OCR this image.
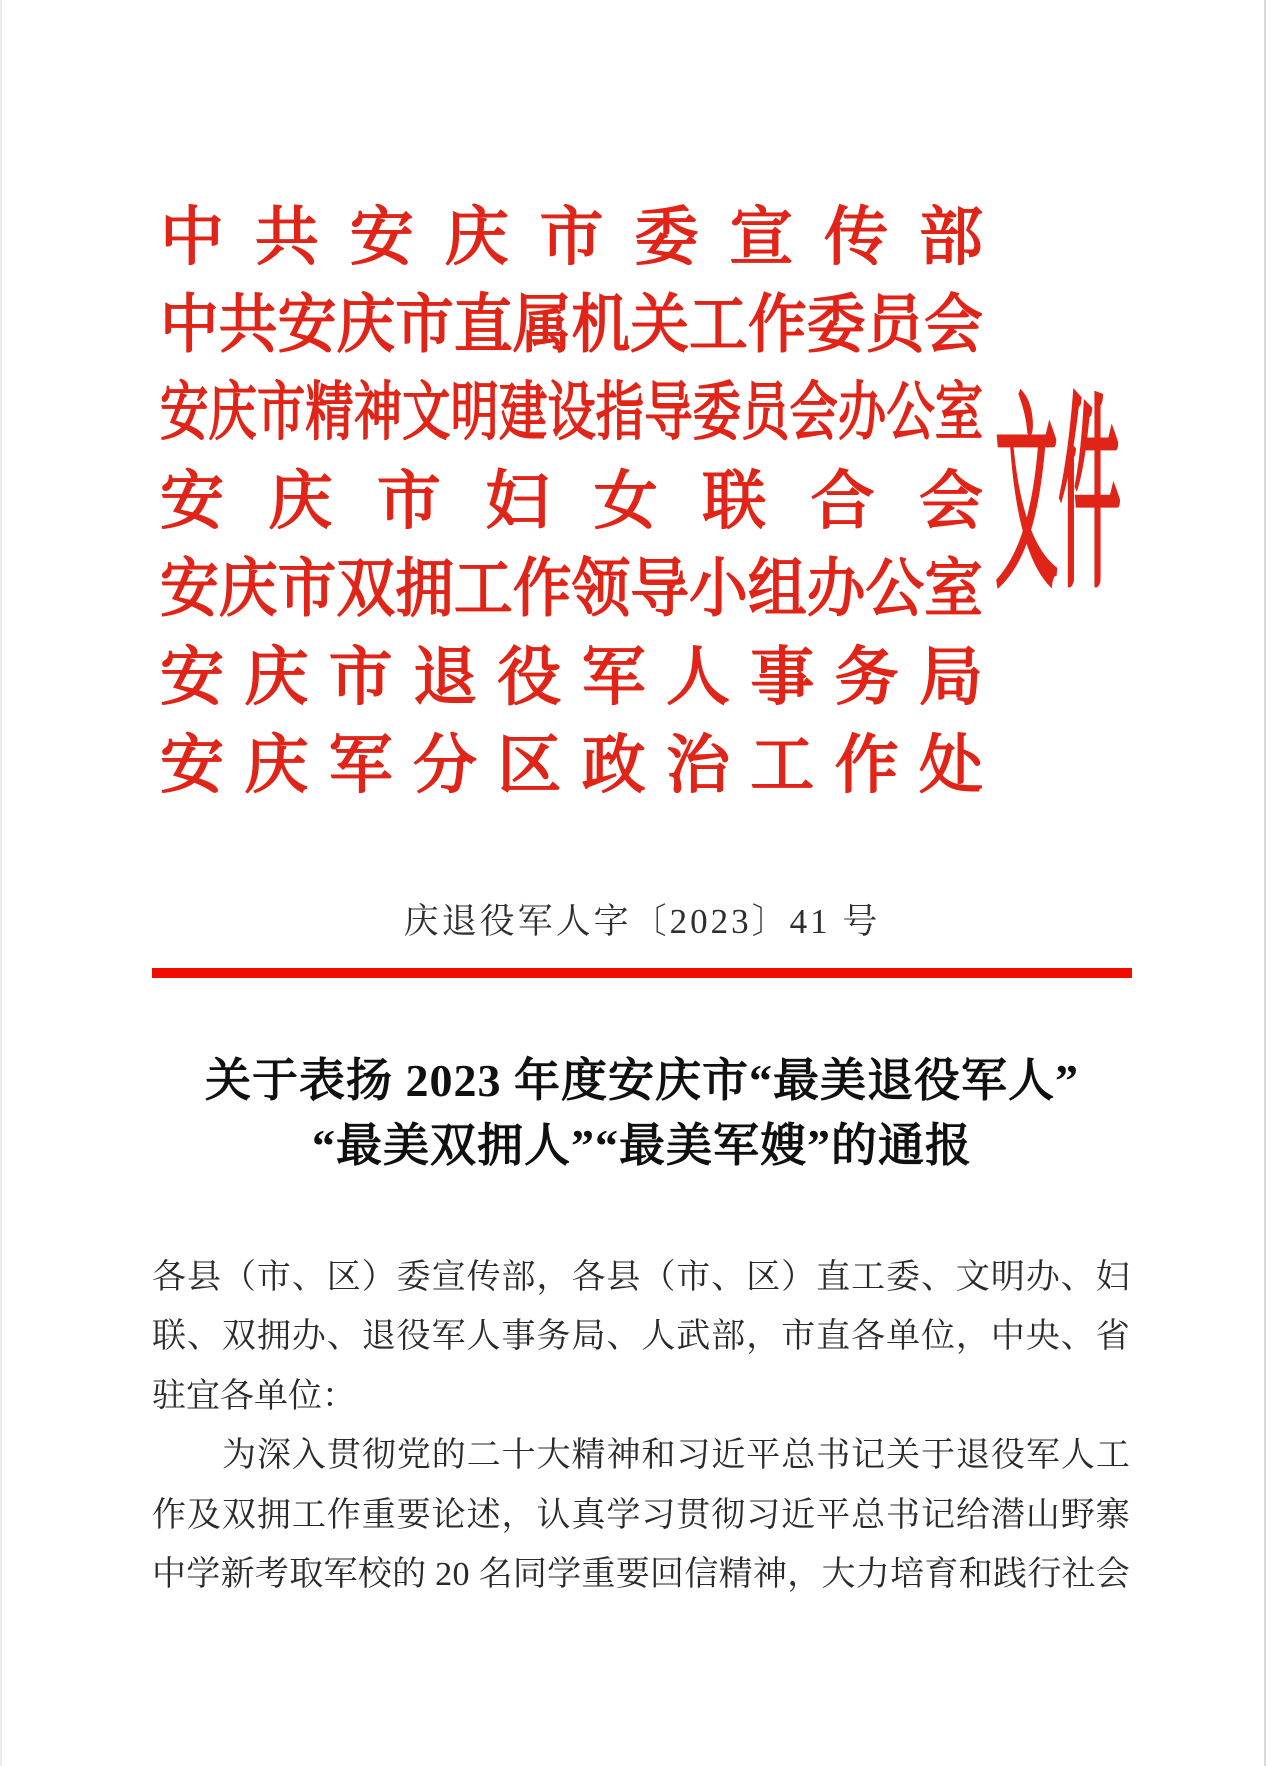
中 共 安 庆 市 委 宣 传 部
中 共 安 庆 市 直 属 机 关 工 作 委 员 会
安 庆 市 精 神 文 明 建 设 指 导 委 员 会 办 公 室
安 庆 市 妇 女 联 合 会
安 庆 市 双 拥 工 作 领 导 小 组 办 公 室
安 庆 市 退 役 军 人 事 务 局
安 庆 军 分 区 政 治 工 作 处
文件
庆退役军人字〔2023〕41 号
关于表扬 2023 年度安庆市“最美退役军人”
“最美双拥人”“最美军嫂”的通报
各 县 （ 市 、 区 ） 委 宣 传 部 ， 各 县 （ 市 、 区 ） 直 工 委 、 文 明 办 、 妇
联 、 双 拥 办 、 退 役 军 人 事 务 局 、 人 武 部 ， 市 直 各 单 位 ， 中 央 、 省
驻宜各单位：
为 深 入 贯 彻 党 的 二 十 大 精 神 和 习 近 平 总 书 记 关 于 退 役 军 人 工
作 及 双 拥 工 作 重 要 论 述 ， 认 真 学 习 贯 彻 习 近 平 总 书 记 给 潜 山 野 寨
中 学 新 考 取 军 校 的
2 0
名 同 学 重 要 回 信 精 神 ， 大 力 培 育 和 践 行 社 会
